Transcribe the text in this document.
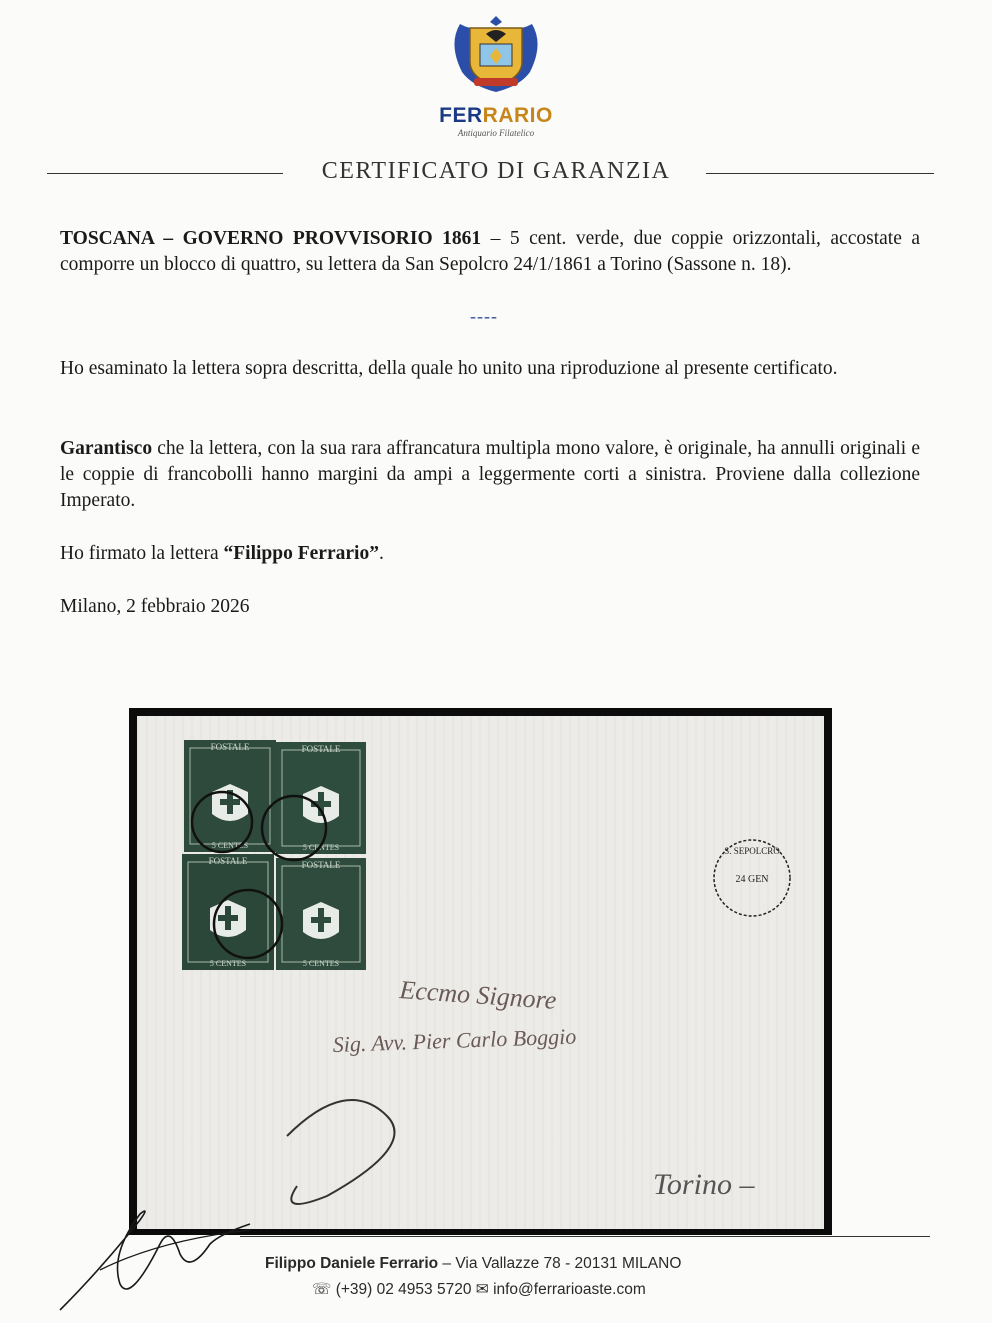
FERRARIO
Antiquario Filatelico
CERTIFICATO DI GARANZIA
TOSCANA – GOVERNO PROVVISORIO 1861 – 5 cent. verde, due coppie orizzontali, accostate a comporre un blocco di quattro, su lettera da San Sepolcro 24/1/1861 a Torino (Sassone n. 18).
----
Ho esaminato la lettera sopra descritta, della quale ho unito una riproduzione al presente certificato.
Garantisco che la lettera, con la sua rara affrancatura multipla mono valore, è originale, ha annulli originali e le coppie di francobolli hanno margini da ampi a leggermente corti a sinistra. Proviene dalla collezione Imperato.
Ho firmato la lettera “Filippo Ferrario”.
Milano, 2 febbraio 2026
FOSTALE
5 CENTES
FOSTALE
5 CENTES
FOSTALE
5 CENTES
FOSTALE
5 CENTES
S. SEPOLCRO
24 GEN
Eccmo Signore
Sig. Avv. Pier Carlo Boggio
Torino –
Filippo Daniele Ferrario – Via Vallazze 78 - 20131 MILANO
☏ (+39) 02 4953 5720 ✉ info@ferrarioaste.com
